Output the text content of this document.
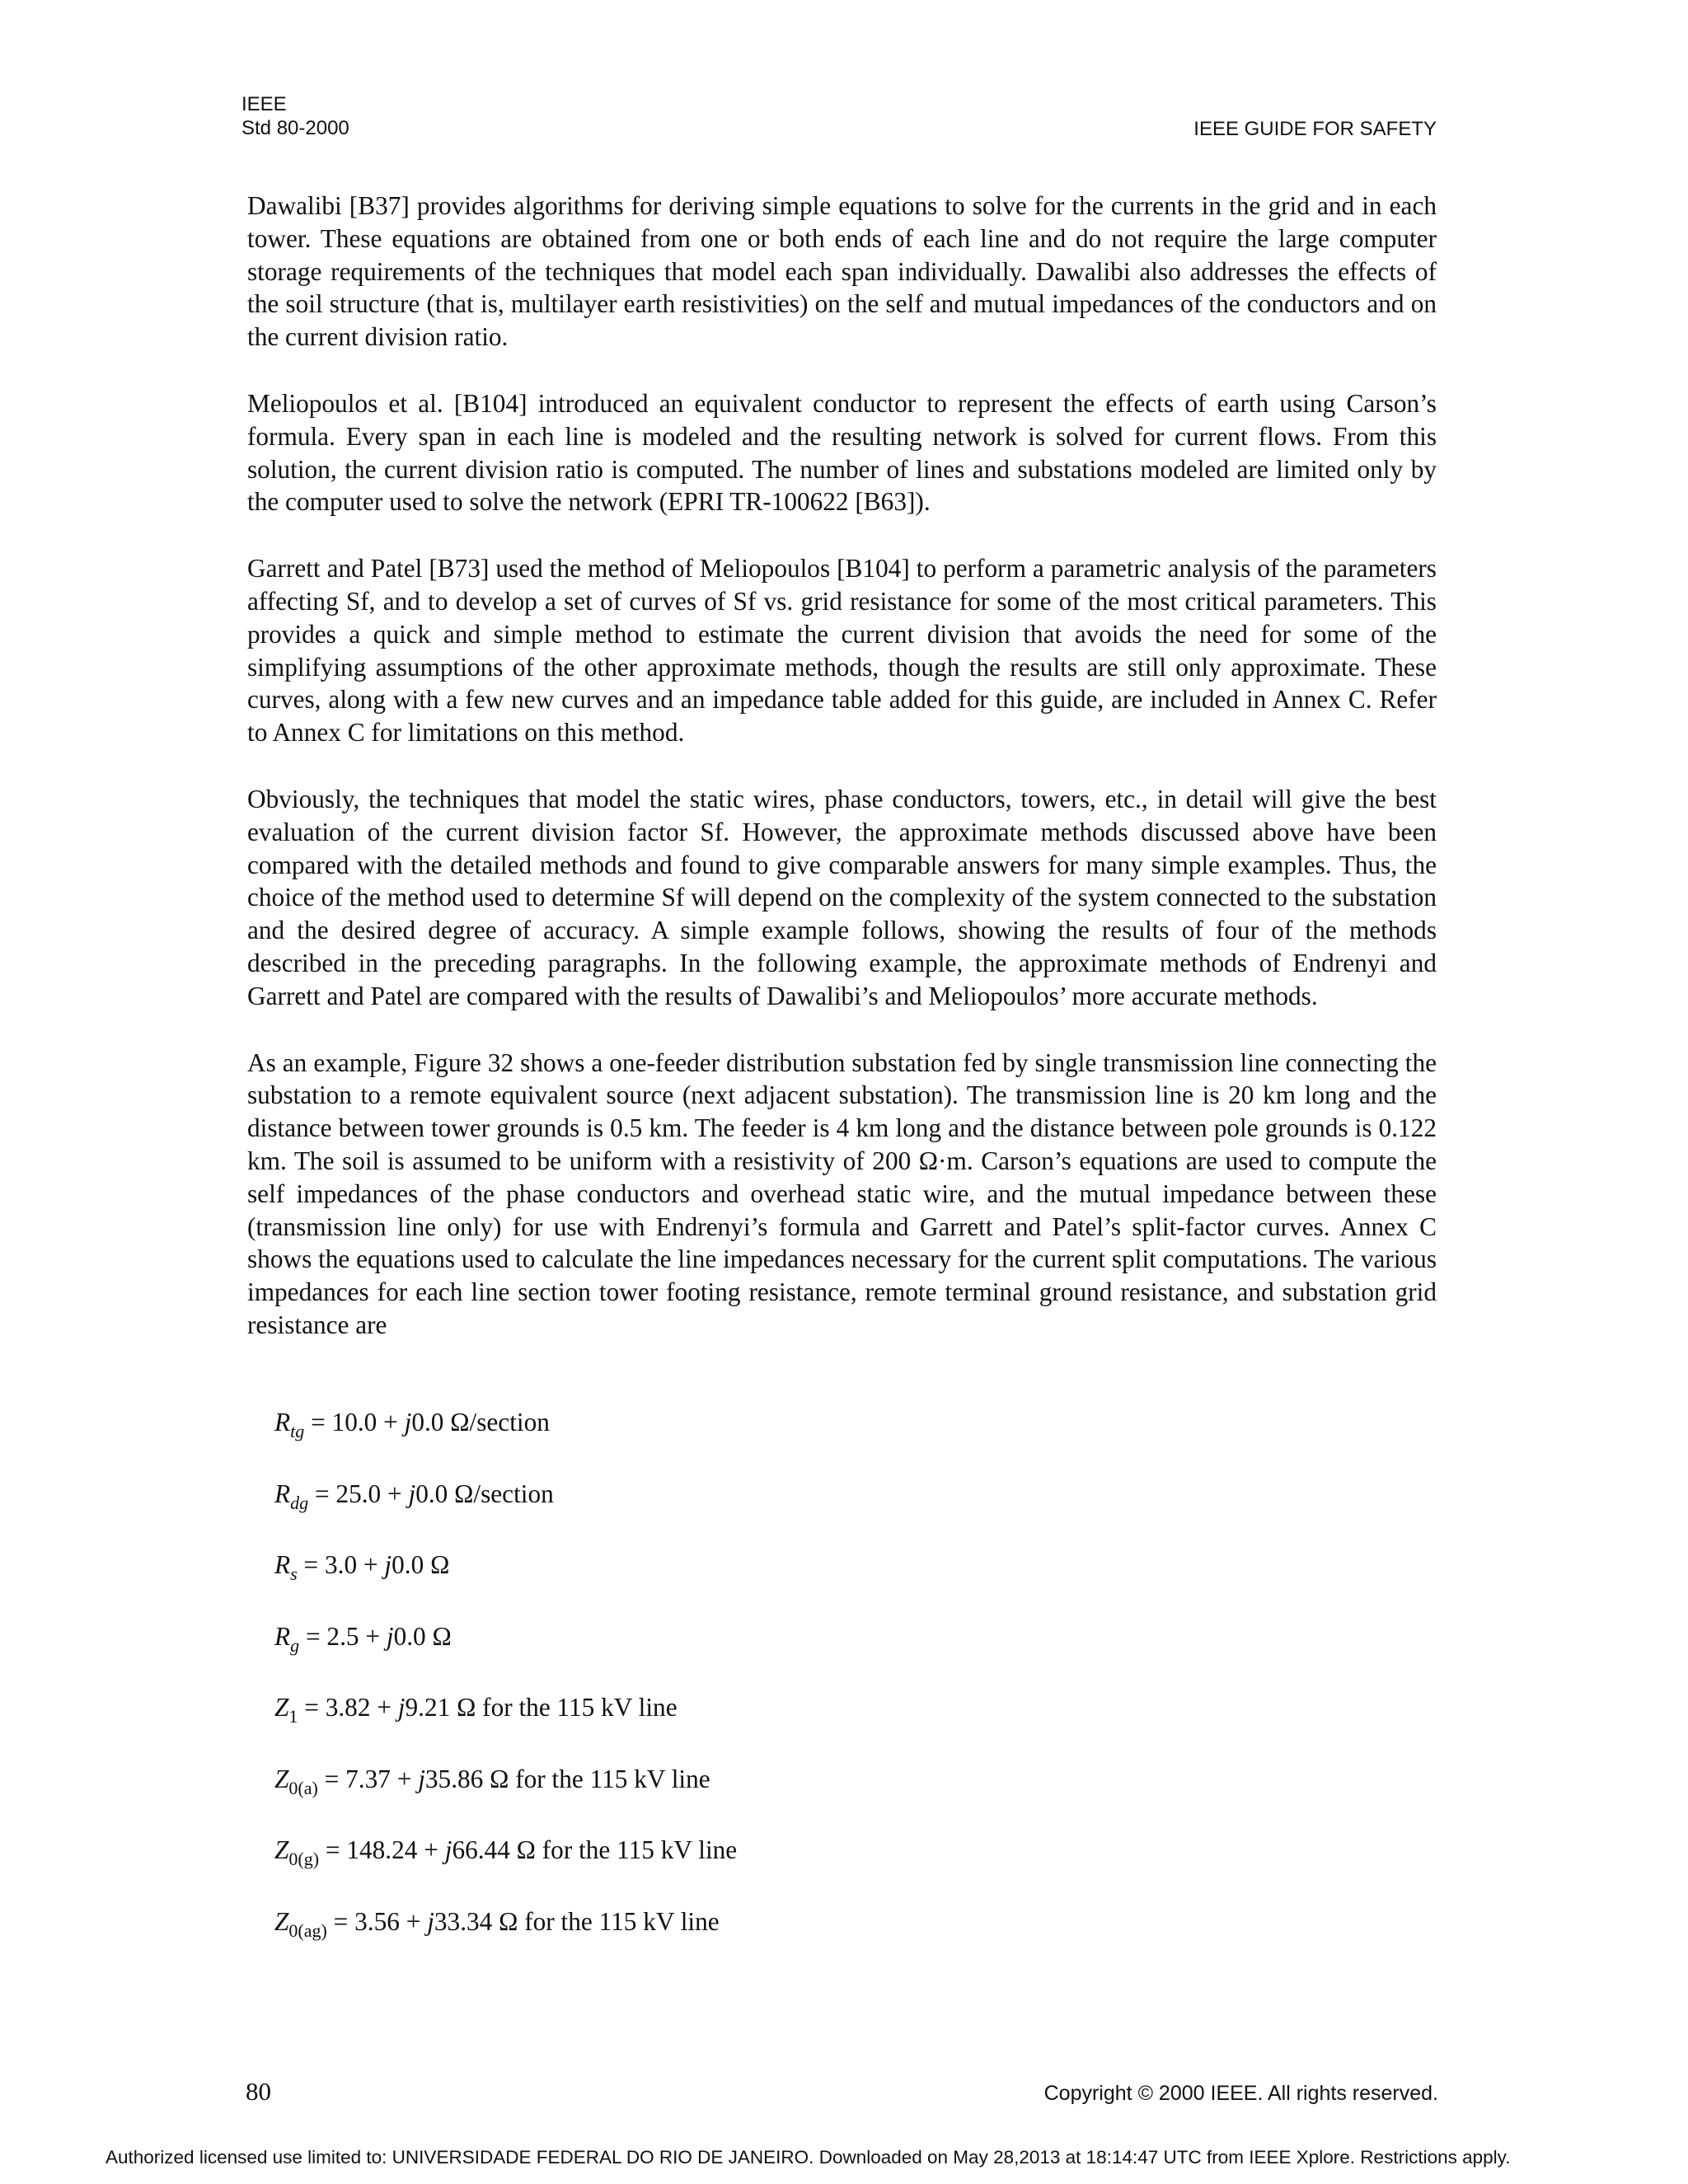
IEEE
Std 80-2000	IEEE GUIDE FOR SAFETY

Dawalibi [B37] provides algorithms for deriving simple equations to solve for the currents in the grid and in each tower. These equations are obtained from one or both ends of each line and do not require the large computer storage requirements of the techniques that model each span individually. Dawalibi also addresses the effects of the soil structure (that is, multilayer earth resistivities) on the self and mutual impedances of the conductors and on the current division ratio.

Meliopoulos et al. [B104] introduced an equivalent conductor to represent the effects of earth using Carson’s formula. Every span in each line is modeled and the resulting network is solved for current flows. From this solution, the current division ratio is computed. The number of lines and substations modeled are limited only by the computer used to solve the network (EPRI TR-100622 [B63]).

Garrett and Patel [B73] used the method of Meliopoulos [B104] to perform a parametric analysis of the parameters affecting Sf, and to develop a set of curves of Sf vs. grid resistance for some of the most critical parameters. This provides a quick and simple method to estimate the current division that avoids the need for some of the simplifying assumptions of the other approximate methods, though the results are still only approximate. These curves, along with a few new curves and an impedance table added for this guide, are included in Annex C. Refer to Annex C for limitations on this method.

Obviously, the techniques that model the static wires, phase conductors, towers, etc., in detail will give the best evaluation of the current division factor Sf. However, the approximate methods discussed above have been compared with the detailed methods and found to give comparable answers for many simple examples. Thus, the choice of the method used to determine Sf will depend on the complexity of the system connected to the substation and the desired degree of accuracy. A simple example follows, showing the results of four of the methods described in the preceding paragraphs. In the following example, the approximate methods of Endrenyi and Garrett and Patel are compared with the results of Dawalibi’s and Meliopoulos’ more accurate methods.

As an example, Figure 32 shows a one-feeder distribution substation fed by single transmission line connecting the substation to a remote equivalent source (next adjacent substation). The transmission line is 20 km long and the distance between tower grounds is 0.5 km. The feeder is 4 km long and the distance between pole grounds is 0.122 km. The soil is assumed to be uniform with a resistivity of 200 Ω·m. Carson’s equations are used to compute the self impedances of the phase conductors and overhead static wire, and the mutual impedance between these (transmission line only) for use with Endrenyi’s formula and Garrett and Patel’s split-factor curves. Annex C shows the equations used to calculate the line impedances necessary for the current split computations. The various impedances for each line section tower footing resistance, remote terminal ground resistance, and substation grid resistance are

$R_{tg} = 10.0 + j0.0$ Ω/section
$R_{dg} = 25.0 + j0.0$ Ω/section
$R_s = 3.0 + j0.0$ Ω
$R_g = 2.5 + j0.0$ Ω
$Z_1 = 3.82 + j9.21$ Ω for the 115 kV line
$Z_{0(a)} = 7.37 + j35.86$ Ω for the 115 kV line
$Z_{0(g)} = 148.24 + j66.44$ Ω for the 115 kV line
$Z_{0(ag)} = 3.56 + j33.34$ Ω for the 115 kV line
80	Copyright © 2000 IEEE. All rights reserved.
Authorized licensed use limited to: UNIVERSIDADE FEDERAL DO RIO DE JANEIRO. Downloaded on May 28,2013 at 18:14:47 UTC from IEEE Xplore. Restrictions apply.
